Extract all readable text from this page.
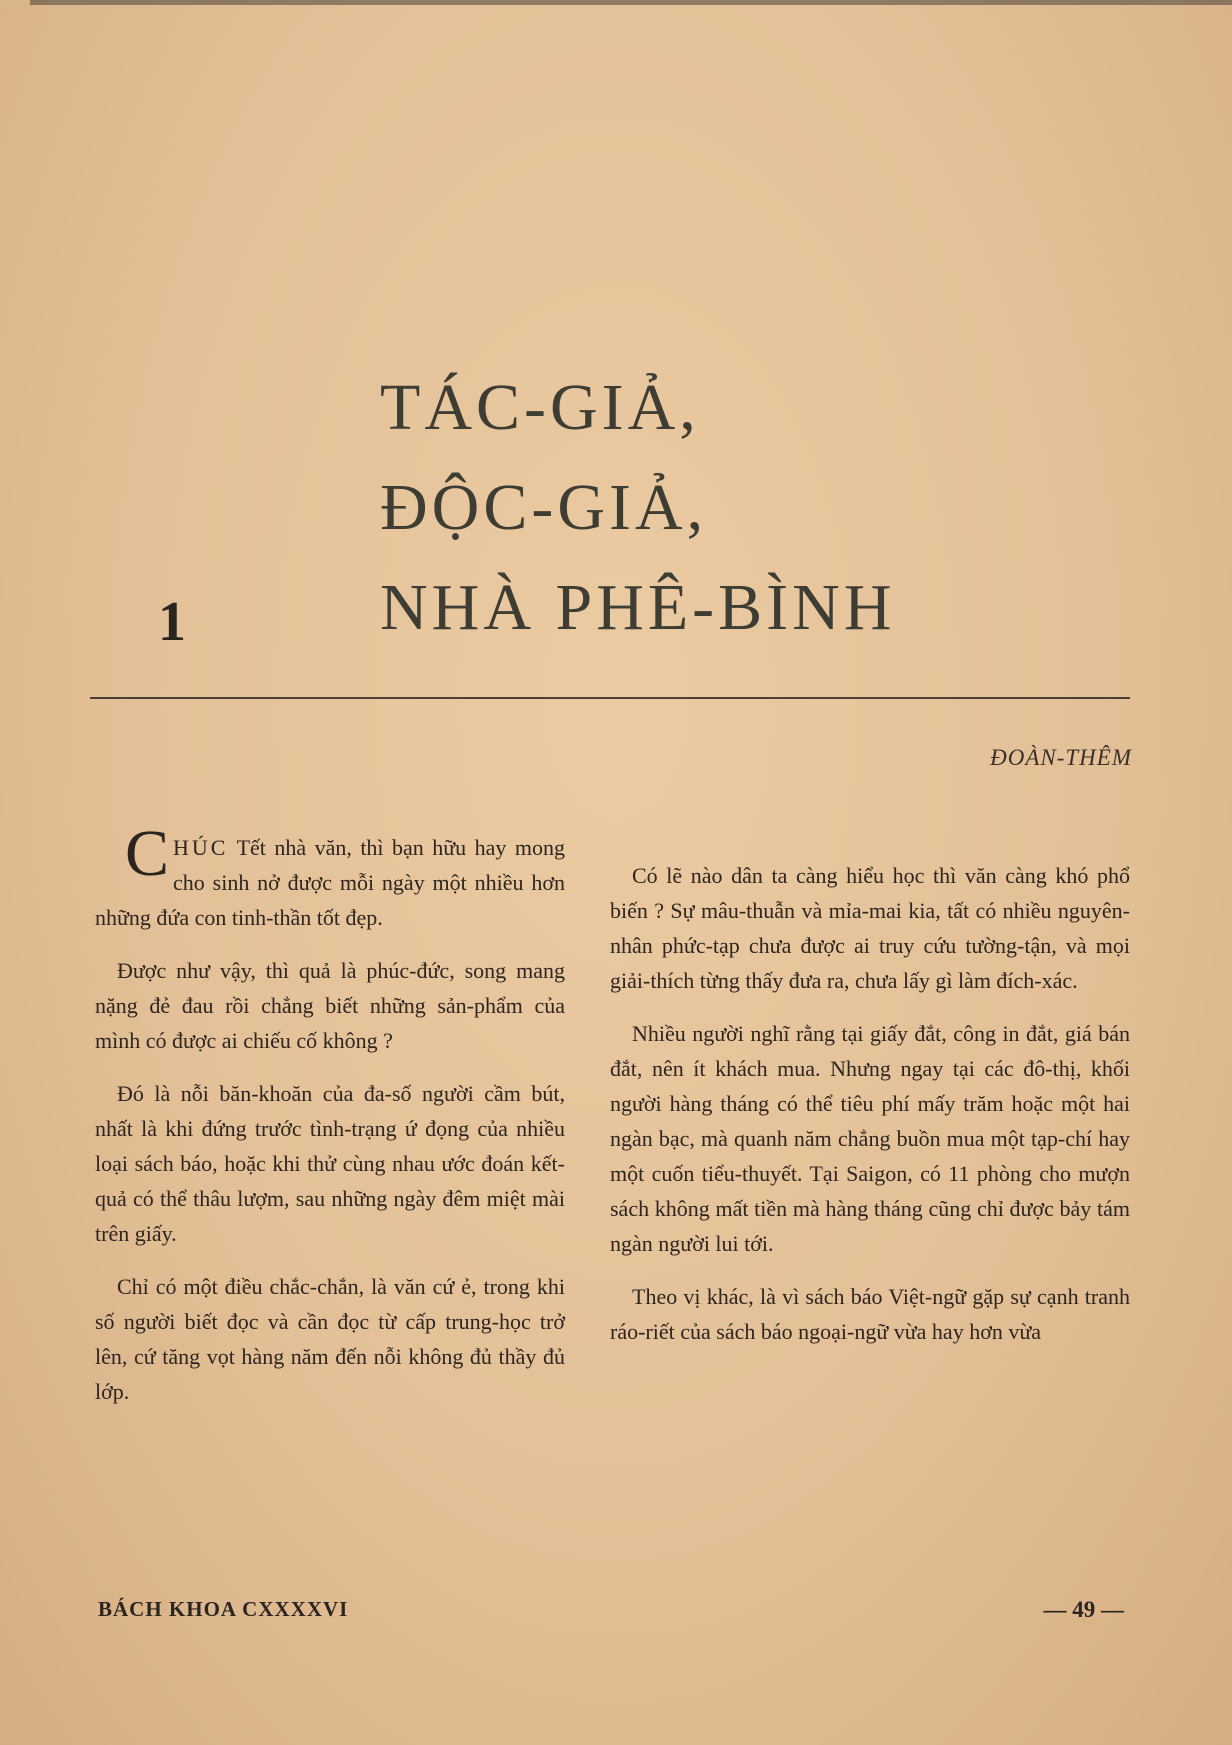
TÁC-GIẢ,
ĐỘC-GIẢ,
NHÀ PHÊ-BÌNH
1
ĐOÀN-THÊM

CHÚC Tết nhà văn, thì bạn hữu hay mong cho sinh nở được mỗi ngày một nhiều hơn những đứa con tinh-thần tốt đẹp.

Được như vậy, thì quả là phúc-đức, song mang nặng đẻ đau rồi chẳng biết những sản-phẩm của mình có được ai chiếu cố không ?

Đó là nỗi băn-khoăn của đa-số người cầm bút, nhất là khi đứng trước tình-trạng ứ đọng của nhiều loại sách báo, hoặc khi thử cùng nhau ước đoán kết-quả có thể thâu lượm, sau những ngày đêm miệt mài trên giấy.

Chỉ có một điều chắc-chắn, là văn cứ ẻ, trong khi số người biết đọc và cần đọc từ cấp trung-học trở lên, cứ tăng vọt hàng năm đến nỗi không đủ thầy đủ lớp.

Có lẽ nào dân ta càng hiểu học thì văn càng khó phổ biến ? Sự mâu-thuẫn và mỉa-mai kia, tất có nhiều nguyên-nhân phức-tạp chưa được ai truy cứu tường-tận, và mọi giải-thích từng thấy đưa ra, chưa lấy gì làm đích-xác.

Nhiều người nghĩ rằng tại giấy đắt, công in đắt, giá bán đắt, nên ít khách mua. Nhưng ngay tại các đô-thị, khối người hàng tháng có thể tiêu phí mấy trăm hoặc một hai ngàn bạc, mà quanh năm chẳng buồn mua một tạp-chí hay một cuốn tiểu-thuyết. Tại Saigon, có 11 phòng cho mượn sách không mất tiền mà hàng tháng cũng chỉ được bảy tám ngàn người lui tới.

Theo vị khác, là vì sách báo Việt-ngữ gặp sự cạnh tranh ráo-riết của sách báo ngoại-ngữ vừa hay hơn vừa

BÁCH KHOA CXXXXVI	— 49 —
